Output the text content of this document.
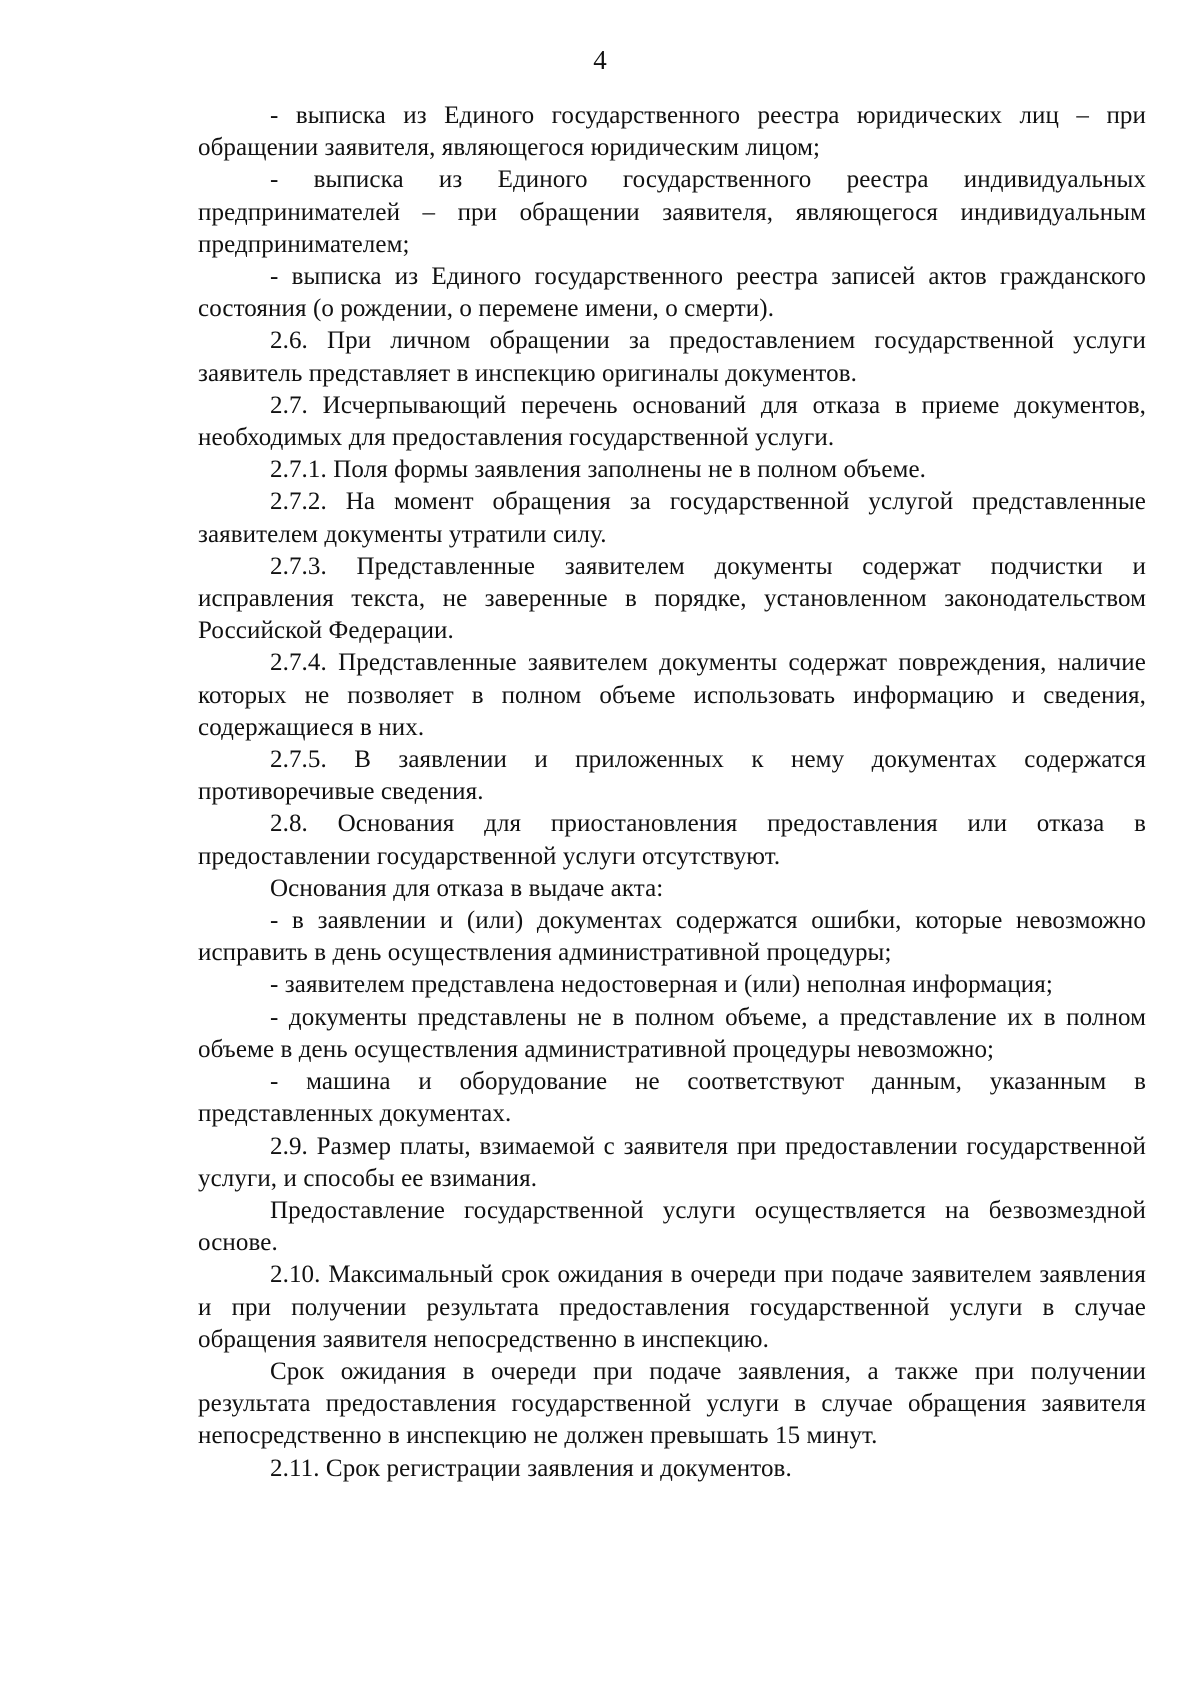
4

- выписка из Единого государственного реестра юридических лиц – при обращении заявителя, являющегося юридическим лицом;

- выписка из Единого государственного реестра индивидуальных предпринимателей – при обращении заявителя, являющегося индивидуальным предпринимателем;

- выписка из Единого государственного реестра записей актов гражданского состояния (о рождении, о перемене имени, о смерти).

2.6. При личном обращении за предоставлением государственной услуги заявитель представляет в инспекцию оригиналы документов.

2.7. Исчерпывающий перечень оснований для отказа в приеме документов, необходимых для предоставления государственной услуги.

2.7.1. Поля формы заявления заполнены не в полном объеме.

2.7.2. На момент обращения за государственной услугой представленные заявителем документы утратили силу.

2.7.3. Представленные заявителем документы содержат подчистки и исправления текста, не заверенные в порядке, установленном законодательством Российской Федерации.

2.7.4. Представленные заявителем документы содержат повреждения, наличие которых не позволяет в полном объеме использовать информацию и сведения, содержащиеся в них.

2.7.5. В заявлении и приложенных к нему документах содержатся противоречивые сведения.

2.8. Основания для приостановления предоставления или отказа в предоставлении государственной услуги отсутствуют.

Основания для отказа в выдаче акта:

- в заявлении и (или) документах содержатся ошибки, которые невозможно исправить в день осуществления административной процедуры;

- заявителем представлена недостоверная и (или) неполная информация;

- документы представлены не в полном объеме, а представление их в полном объеме в день осуществления административной процедуры невозможно;

- машина и оборудование не соответствуют данным, указанным в представленных документах.

2.9. Размер платы, взимаемой с заявителя при предоставлении государственной услуги, и способы ее взимания.

Предоставление государственной услуги осуществляется на безвозмездной основе.

2.10. Максимальный срок ожидания в очереди при подаче заявителем заявления и при получении результата предоставления государственной услуги в случае обращения заявителя непосредственно в инспекцию.

Срок ожидания в очереди при подаче заявления, а также при получении результата предоставления государственной услуги в случае обращения заявителя непосредственно в инспекцию не должен превышать 15 минут.

2.11. Срок регистрации заявления и документов.
